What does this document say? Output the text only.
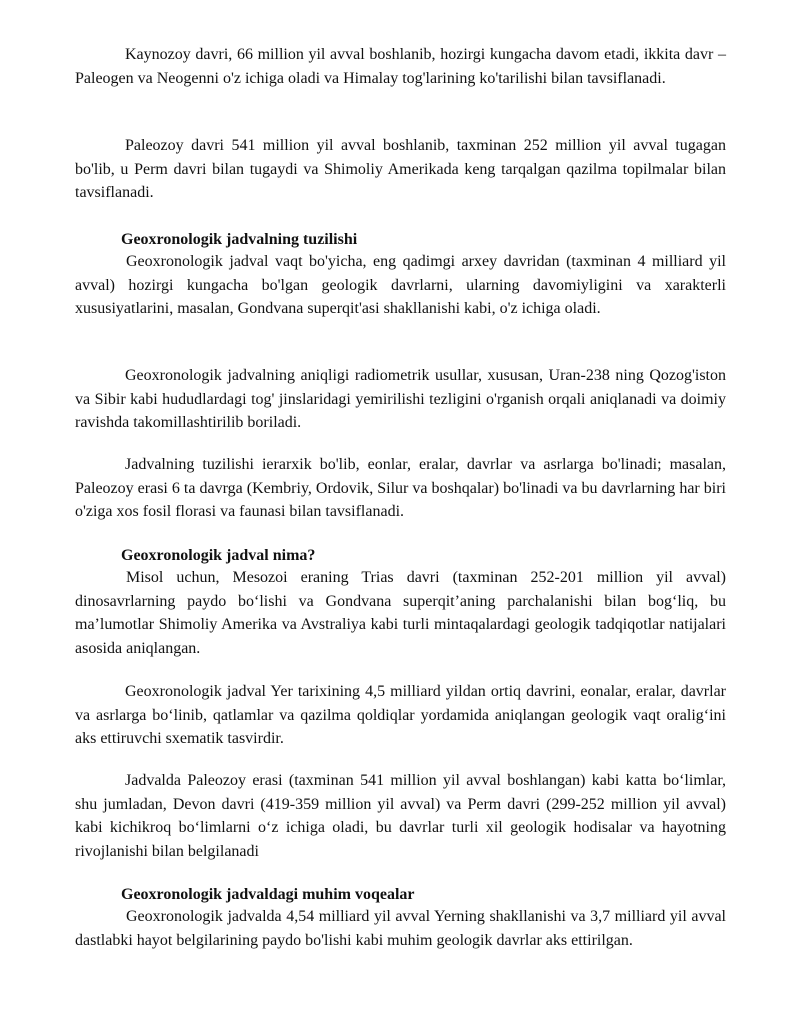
Kaynozoy davri, 66 million yil avval boshlanib, hozirgi kungacha davom etadi, ikkita davr – Paleogen va Neogenni o'z ichiga oladi va Himalay tog'larining ko'tarilishi bilan tavsiflanadi.

Paleozoy davri 541 million yil avval boshlanib, taxminan 252 million yil avval tugagan bo'lib, u Perm davri bilan tugaydi va Shimoliy Amerikada keng tarqalgan qazilma topilmalar bilan tavsiflanadi.

Geoxronologik jadvalning tuzilishi

Geoxronologik jadval vaqt bo'yicha, eng qadimgi arxey davridan (taxminan 4 milliard yil avval) hozirgi kungacha bo'lgan geologik davrlarni, ularning davomiyligini va xarakterli xususiyatlarini, masalan, Gondvana superqit'asi shakllanishi kabi, o'z ichiga oladi.

Geoxronologik jadvalning aniqligi radiometrik usullar, xususan, Uran-238 ning Qozog'iston va Sibir kabi hududlardagi tog' jinslaridagi yemirilishi tezligini o'rganish orqali aniqlanadi va doimiy ravishda takomillashtirilib boriladi.

Jadvalning tuzilishi ierarxik bo'lib, eonlar, eralar, davrlar va asrlarga bo'linadi; masalan, Paleozoy erasi 6 ta davrga (Kembriy, Ordovik, Silur va boshqalar) bo'linadi va bu davrlarning har biri o'ziga xos fosil florasi va faunasi bilan tavsiflanadi.

Geoxronologik jadval nima?

Misol uchun, Mesozoi eraning Trias davri (taxminan 252-201 million yil avval) dinosavrlarning paydo bo‘lishi va Gondvana superqit’aning parchalanishi bilan bog‘liq, bu ma’lumotlar Shimoliy Amerika va Avstraliya kabi turli mintaqalardagi geologik tadqiqotlar natijalari asosida aniqlangan.

Geoxronologik jadval Yer tarixining 4,5 milliard yildan ortiq davrini, eonalar, eralar, davrlar va asrlarga bo‘linib, qatlamlar va qazilma qoldiqlar yordamida aniqlangan geologik vaqt oralig‘ini aks ettiruvchi sxematik tasvirdir.

Jadvalda Paleozoy erasi (taxminan 541 million yil avval boshlangan) kabi katta bo‘limlar, shu jumladan, Devon davri (419-359 million yil avval) va Perm davri (299-252 million yil avval) kabi kichikroq bo‘limlarni o‘z ichiga oladi, bu davrlar turli xil geologik hodisalar va hayotning rivojlanishi bilan belgilanadi

Geoxronologik jadvaldagi muhim voqealar

Geoxronologik jadvalda 4,54 milliard yil avval Yerning shakllanishi va 3,7 milliard yil avval dastlabki hayot belgilarining paydo bo'lishi kabi muhim geologik davrlar aks ettirilgan.
